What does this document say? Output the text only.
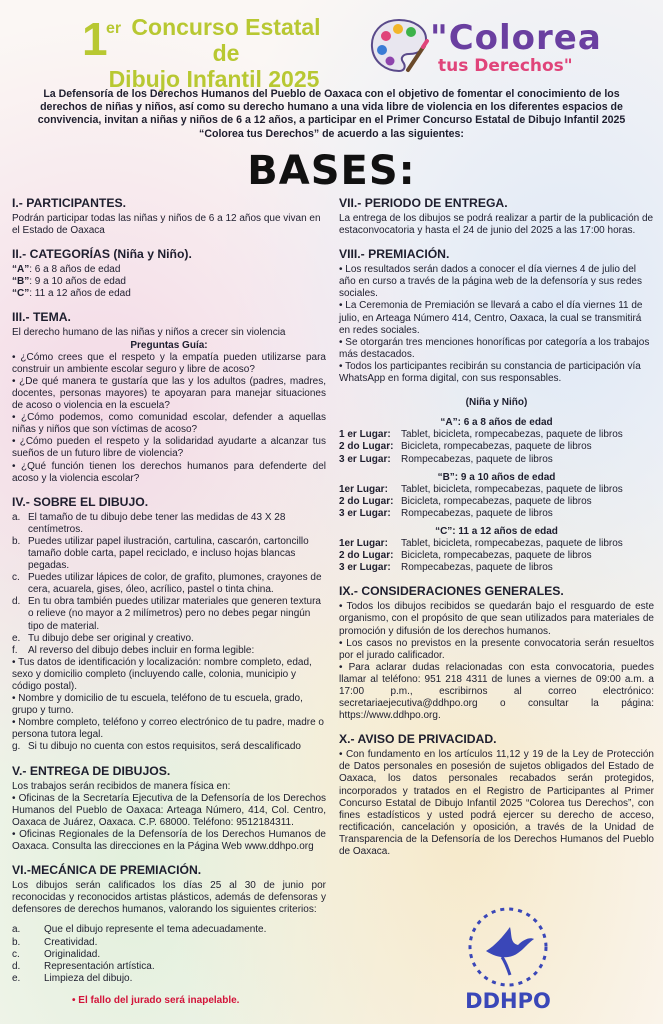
1
er Concurso Estatal de
Dibujo Infantil 2025
"Colorea
tus Derechos"
La Defensoría de los Derechos Humanos del Pueblo de Oaxaca con el objetivo de fomentar el conocimiento de los derechos de niñas y niños, así como su derecho humano a una vida libre de violencia en los diferentes espacios de convivencia, invitan a niñas y niños de 6 a 12 años, a participar en el Primer Concurso Estatal de Dibujo Infantil 2025 “Colorea tus Derechos” de acuerdo a las siguientes:
BASES:
I.- PARTICIPANTES.

Podrán participar todas las niñas y niños de 6 a 12 años que vivan en el Estado de Oaxaca

II.- CATEGORÍAS (Niña y Niño).
“A”: 6 a 8 años de edad
“B”: 9 a 10 años de edad
“C”: 11 a 12 años de edad
III.- TEMA.

El derecho humano de las niñas y niños a crecer sin violencia

Preguntas Guía:

• ¿Cómo crees que el respeto y la empatía pueden utilizarse para construir un ambiente escolar seguro y libre de acoso?

• ¿De qué manera te gustaría que las y los adultos (padres, madres, docentes, personas mayores) te apoyaran para manejar situaciones de acoso o violencia en la escuela?

• ¿Cómo podemos, como comunidad escolar, defender a aquellas niñas y niños que son víctimas de acoso?

• ¿Cómo pueden el respeto y la solidaridad ayudarte a alcanzar tus sueños de un futuro libre de violencia?

• ¿Qué función tienen los derechos humanos para defenderte del acoso y la violencia escolar?

IV.- SOBRE EL DIBUJO.
a. El tamaño de tu dibujo debe tener las medidas de 43 X 28 centímetros.
b. Puedes utilizar papel ilustración, cartulina, cascarón, cartoncillo tamaño doble carta, papel reciclado, e incluso hojas blancas pegadas.
c. Puedes utilizar lápices de color, de grafito, plumones, crayones de cera, acuarela, gises, óleo, acrílico, pastel o tinta china.
d. En tu obra también puedes utilizar materiales que generen textura o relieve (no mayor a 2 milímetros) pero no debes pegar ningún tipo de material.
e. Tu dibujo debe ser original y creativo.
f.	Al reverso del dibujo debes incluir en forma legible:

• Tus datos de identificación y localización: nombre completo, edad, sexo y domicilio completo (incluyendo calle, colonia, municipio y código postal).

• Nombre y domicilio de tu escuela, teléfono de tu escuela, grado, grupo y turno.

• Nombre completo, teléfono y correo electrónico de tu padre, madre o persona tutora legal.

g. Si tu dibujo no cuenta con estos requisitos, será descalificado
V.- ENTREGA DE DIBUJOS.

Los trabajos serán recibidos de manera física en:

• Oficinas de la Secretaría Ejecutiva de la Defensoría de los Derechos Humanos del Pueblo de Oaxaca: Arteaga Número, 414, Col. Centro, Oaxaca de Juárez, Oaxaca. C.P. 68000. Teléfono: 9512184311.

• Oficinas Regionales de la Defensoría de los Derechos Humanos de Oaxaca. Consulta las direcciones en la Página Web www.ddhpo.org

VI.-MECÁNICA DE PREMIACIÓN.

Los dibujos serán calificados los días 25 al 30 de junio por reconocidas y reconocidos artistas plásticos, además de defensoras y defensores de derechos humanos, valorando los siguientes criterios:

a.	Que el dibujo represente el tema adecuadamente.
b.	Creatividad.
c.	Originalidad.
d.	Representación artística.
e.	Limpieza del dibujo.

• El fallo del jurado será inapelable.

VII.- PERIODO DE ENTREGA.

La entrega de los dibujos se podrá realizar a partir de la publicación de estaconvocatoria y hasta el 24 de junio del 2025 a las 17:00 horas.

VIII.- PREMIACIÓN.

• Los resultados serán dados a conocer el día viernes 4 de julio del año en curso a través de la página web de la defensoría y sus redes sociales.

• La Ceremonia de Premiación se llevará a cabo el día viernes 11 de julio, en Arteaga Número 414, Centro, Oaxaca, la cual se transmitirá en redes sociales.

• Se otorgarán tres menciones honoríficas por categoría a los trabajos más destacados.

• Todos los participantes recibirán su constancia de participación vía WhatsApp en forma digital, con sus responsables.

(Niña y Niño)

“A”: 6 a 8 años de edad
1 er Lugar:	Tablet, bicicleta, rompecabezas, paquete de libros
2 do Lugar: Bicicleta, rompecabezas, paquete de libros
3 er Lugar:	Rompecabezas, paquete de libros
“B”: 9 a 10 años de edad
1er Lugar:	Tablet, bicicleta, rompecabezas, paquete de libros
2 do Lugar: Bicicleta, rompecabezas, paquete de libros
3 er Lugar:	Rompecabezas, paquete de libros
“C”: 11 a 12 años de edad
1er Lugar:	Tablet, bicicleta, rompecabezas, paquete de libros
2 do Lugar: Bicicleta, rompecabezas, paquete de libros
3 er Lugar:	Rompecabezas, paquete de libros
IX.- CONSIDERACIONES GENERALES.

• Todos los dibujos recibidos se quedarán bajo el resguardo de este organismo, con el propósito de que sean utilizados para materiales de promoción y difusión de los derechos humanos.

• Los casos no previstos en la presente convocatoria serán resueltos por el jurado calificador.

• Para aclarar dudas relacionadas con esta convocatoria, puedes llamar al teléfono: 951 218 4311 de lunes a viernes de 09:00 a.m. a 17:00 p.m., escribirnos al correo electrónico: secretariaejecutiva@ddhpo.org o consultar la página: https://www.ddhpo.org.

X.- AVISO DE PRIVACIDAD.

• Con fundamento en los artículos 11,12 y 19 de la Ley de Protección de Datos personales en posesión de sujetos obligados del Estado de Oaxaca, los datos personales recabados serán protegidos, incorporados y tratados en el Registro de Participantes al Primer Concurso Estatal de Dibujo Infantil 2025 “Colorea tus Derechos”, con fines estadísticos y usted podrá ejercer su derecho de acceso, rectificación, cancelación y oposición, a través de la Unidad de Transparencia de la Defensoría de los Derechos Humanos del Pueblo de Oaxaca.

DDHPO
